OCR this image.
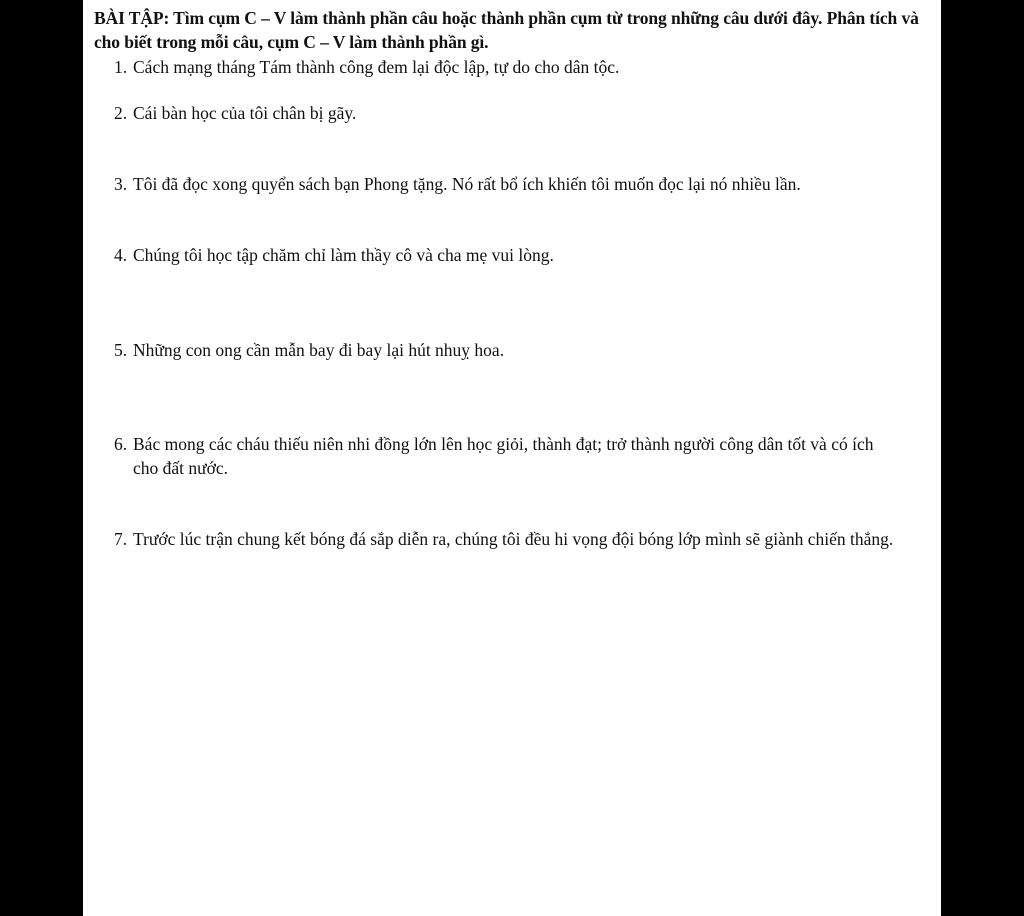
BÀI TẬP: Tìm cụm C – V làm thành phần câu hoặc thành phần cụm từ trong những câu dưới đây. Phân tích và cho biết trong mỗi câu, cụm C – V làm thành phần gì.
1. Cách mạng tháng Tám thành công đem lại độc lập, tự do cho dân tộc.
2. Cái bàn học của tôi chân bị gãy.
3. Tôi đã đọc xong quyển sách bạn Phong tặng. Nó rất bổ ích khiến tôi muốn đọc lại nó nhiều lần.
4. Chúng tôi học tập chăm chỉ làm thầy cô và cha mẹ vui lòng.
5. Những con ong cần mẫn bay đi bay lại hút nhuỵ hoa.
6. Bác mong các cháu thiếu niên nhi đồng lớn lên học giỏi, thành đạt; trở thành người công dân tốt và có ích cho đất nước.
7. Trước lúc trận chung kết bóng đá sắp diễn ra, chúng tôi đều hi vọng đội bóng lớp mình sẽ giành chiến thắng.
